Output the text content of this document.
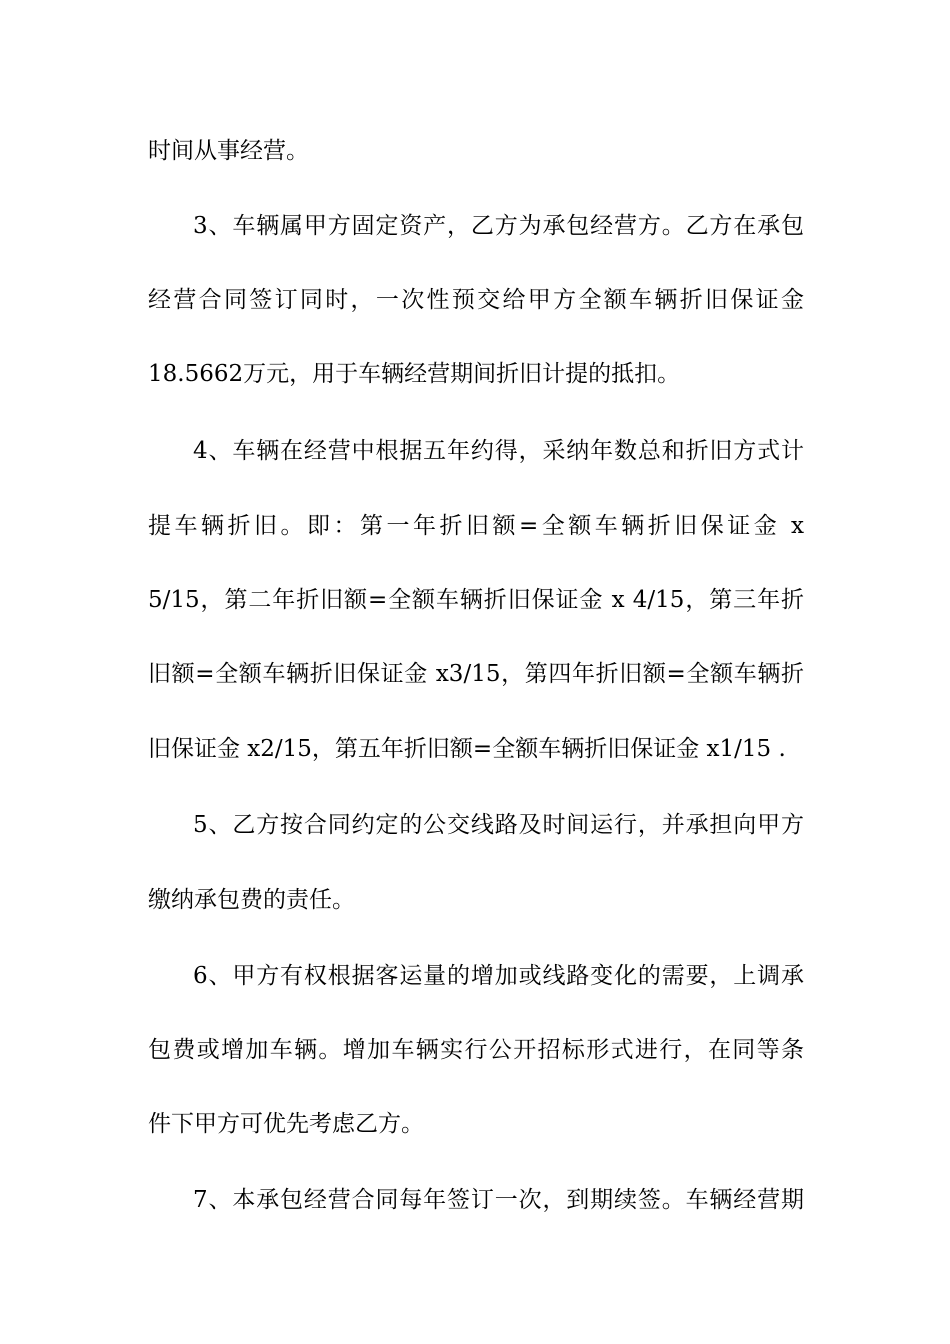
时间从事经营。
3、车辆属甲方固定资产，乙方为承包经营方。乙方在承包
经营合同签订同时，一次性预交给甲方全额车辆折旧保证金
18.5662万元，用于车辆经营期间折旧计提的抵扣。
4、车辆在经营中根据五年约得，采纳年数总和折旧方式计
提车辆折旧。即：第一年折旧额=全额车辆折旧保证金 x
5/15，第二年折旧额=全额车辆折旧保证金 x 4/15，第三年折
旧额=全额车辆折旧保证金 x3/15，第四年折旧额=全额车辆折
旧保证金 x2/15，第五年折旧额=全额车辆折旧保证金 x1/15 .
5、乙方按合同约定的公交线路及时间运行，并承担向甲方
缴纳承包费的责任。
6、甲方有权根据客运量的增加或线路变化的需要，上调承
包费或增加车辆。增加车辆实行公开招标形式进行，在同等条
件下甲方可优先考虑乙方。
7、本承包经营合同每年签订一次，到期续签。车辆经营期
